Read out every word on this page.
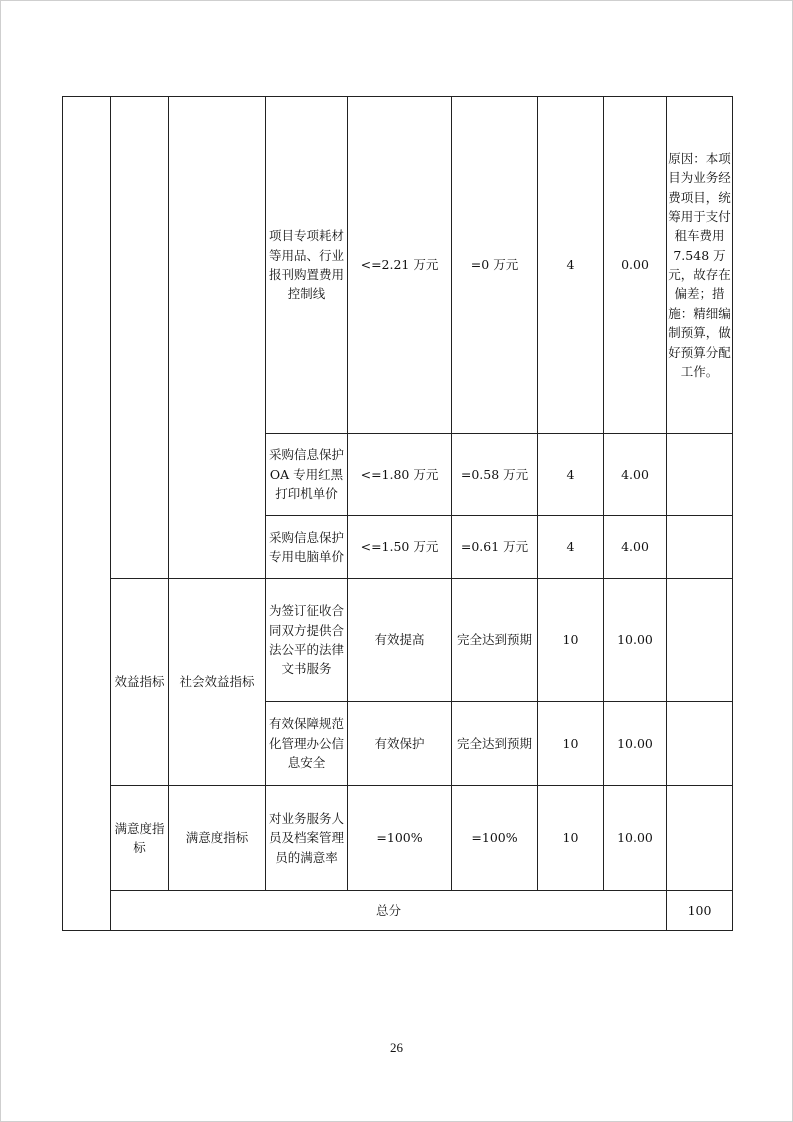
			项目专项耗材等用品、行业报刊购置费用控制线	<=2.21 万元	=0 万元	4	0.00	原因：本项目为业务经费项目，统筹用于支付租车费用 7.548 万元，故存在偏差；措施：精细编制预算，做好预算分配工作。	
			采购信息保护 OA 专用红黑打印机单价	<=1.80 万元	=0.58 万元	4	4.00		
			采购信息保护专用电脑单价	<=1.50 万元	=0.61 万元	4	4.00		
	效益指标	社会效益指标	为签订征收合同双方提供合法公平的法律文书服务	有效提高	完全达到预期	10	10.00		
			有效保障规范化管理办公信息安全	有效保护	完全达到预期	10	10.00		
	满意度指标	满意度指标	对业务服务人员及档案管理员的满意率	=100%	=100%	10	10.00		
	总分							100		
26
